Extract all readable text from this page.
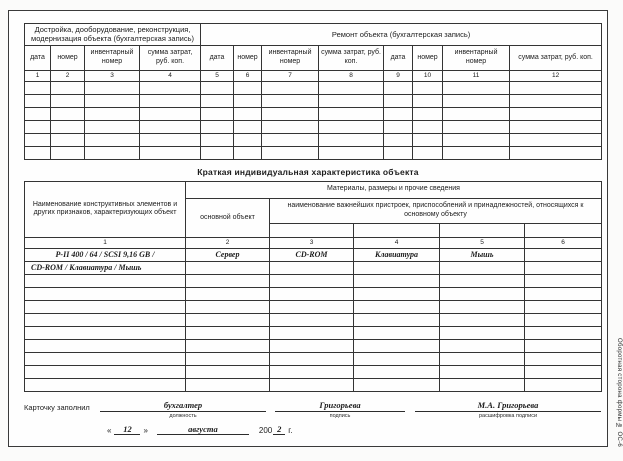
Достройка, дооборудование, реконструкция, модернизация объекта (бухгалтерская запись)				Ремонт объекта (бухгалтерская запись)							
дата	номер	инвентарный номер	сумма затрат, руб. коп.	дата	номер	инвентарный номер	сумма затрат, руб. коп.	дата	номер	инвентарный номер	сумма затрат, руб. коп.
1	2	3	4	5	6	7	8	9	10	11	12

Краткая индивидуальная характеристика объекта
Наименование конструктивных элементов и других признаков, характеризующих объект	Материалы, размеры и прочие сведения				
	основной объект	наименование важнейших пристроек, приспособлений и принадлежностей, относящихся к основному объекту			

1	2	3	4	5	6
Р-II 400 / 64 / SCSI 9,16 GB /	Сервер	CD-ROM	Клавиатура	Мышь	
CD-ROM / Клавиатура / Мышь					

Карточку заполнил	бухгалтер
должность
Григорьева
подпись
М.А. Григорьева
расшифровка подписи
«	12	»	августа	200 2 г.	Оборотная сторона формы № ОС-6
